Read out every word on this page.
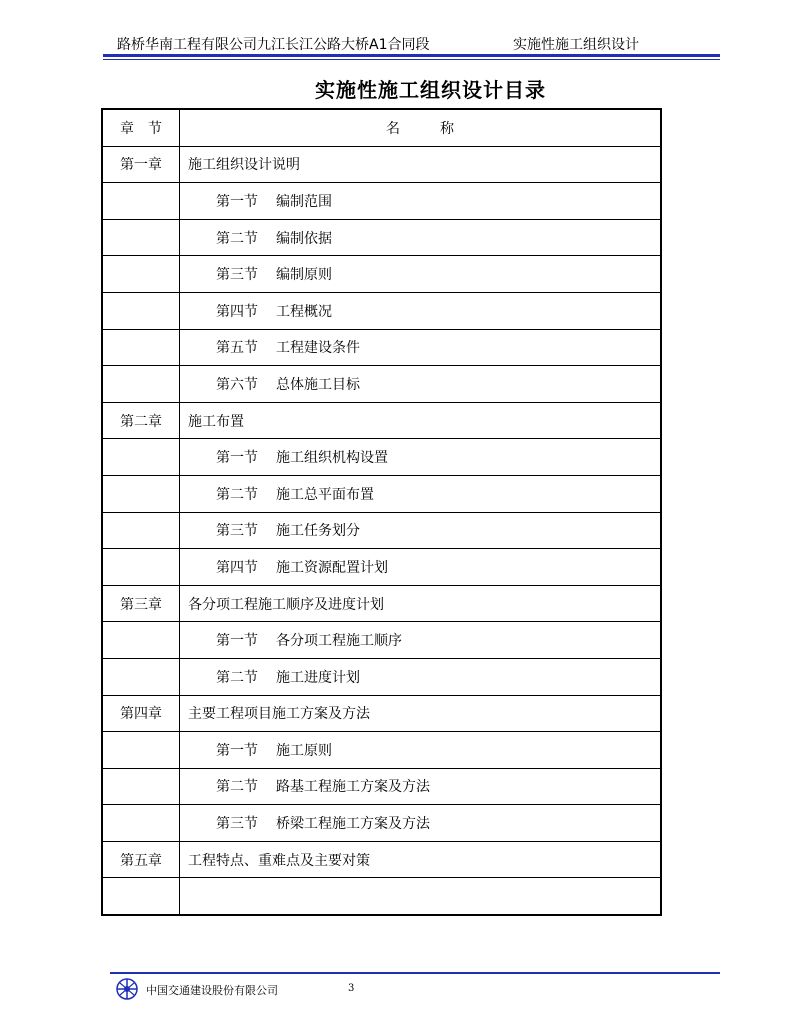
路桥华南工程有限公司九江长江公路大桥A1合同段	实施性施工组织设计
实施性施工组织设计目录
章　节	名 称
第一章	施工组织设计说明
	第一节 编制范围
	第二节 编制依据
	第三节 编制原则
	第四节 工程概况
	第五节 工程建设条件
	第六节 总体施工目标
第二章	施工布置
	第一节 施工组织机构设置
	第二节 施工总平面布置
	第三节 施工任务划分
	第四节 施工资源配置计划
第三章	各分项工程施工顺序及进度计划
	第一节 各分项工程施工顺序
	第二节 施工进度计划
第四章	主要工程项目施工方案及方法
	第一节 施工原则
	第二节 路基工程施工方案及方法
	第三节 桥梁工程施工方案及方法
第五章	工程特点、重难点及主要对策

中国交通建设股份有限公司	3
